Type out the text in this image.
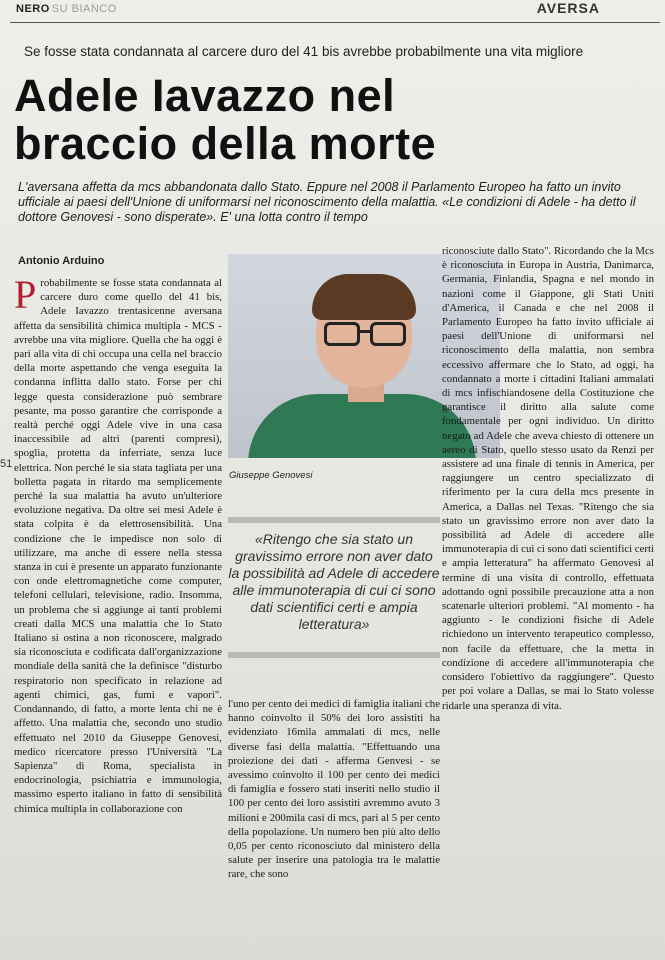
NERO SU BIANCO	AVERSA
Se fosse stata condannata al carcere duro del 41 bis avrebbe probabilmente una vita migliore
Adele Iavazzo nel
braccio della morte
L'aversana affetta da mcs abbandonata dallo Stato. Eppure nel 2008 il Parlamento Europeo ha fatto un invito ufficiale ai paesi dell'Unione di uniformarsi nel riconoscimento della malattia. «Le condizioni di Adele - ha detto il dottore Genovesi - sono disperate». E' una lotta contro il tempo
Antonio Arduino
Probabilmente se fosse stata condannata al carcere duro come quello del 41 bis, Adele Iavazzo trentasicenne aversana affetta da sensibilità chimica multipla - MCS - avrebbe una vita migliore. Quella che ha oggi è pari alla vita di chi occupa una cella nel braccio della morte aspettando che venga eseguita la condanna inflitta dallo stato. Forse per chi legge questa considerazione può sembrare pesante, ma posso garantire che corrisponde a realtà perché oggi Adele vive in una casa inaccessibile ad altri (parenti compresi), spoglia, protetta da inferriate, senza luce elettrica. Non perché le sia stata tagliata per una bolletta pagata in ritardo ma semplicemente perché la sua malattia ha avuto un'ulteriore evoluzione negativa. Da oltre sei mesi Adele è stata colpita è da elettrosensibilità. Una condizione che le impedisce non solo di utilizzare, ma anche di essere nella stessa stanza in cui è presente un apparato funzionante con onde elettromagnetiche come computer, telefoni cellulari, televisione, radio. Insomma, un problema che si aggiunge ai tanti problemi creati dalla MCS una malattia che lo Stato Italiano si ostina a non riconoscere, malgrado sia riconosciuta e codificata dall'organizzazione mondiale della sanità che la definisce "disturbo respiratorio non specificato in relazione ad agenti chimici, gas, fumi e vapori". Condannando, di fatto, a morte lenta chi ne è affetto. Una malattia che, secondo uno studio effettuato nel 2010 da Giuseppe Genovesi, medico ricercatore presso l'Università "La Sapienza" di Roma, specialista in endocrinologia, psichiatria e immunologia, massimo esperto italiano in fatto di sensibilità chimica multipla in collaborazione con
Giuseppe Genovesi
«Ritengo che sia stato un gravissimo errore non aver dato la possibilità ad Adele di accedere alle immunoterapia di cui ci sono dati scientifici certi e ampia letteratura»
l'uno per cento dei medici di famiglia italiani che hanno coinvolto il 50% dei loro assistiti ha evidenziato 16mila ammalati di mcs, nelle diverse fasi della malattia. "Effettuando una proiezione dei dati - afferma Genvesi - se avessimo coinvolto il 100 per cento dei medici di famiglia e fossero stati inseriti nello studio il 100 per cento dei loro assistiti avremmo avuto 3 milioni e 200mila casi di mcs, pari al 5 per cento della popolazione. Un numero ben più alto dello 0,05 per cento riconosciuto dal ministero della salute per inserire una patologia tra le malattie rare, che sono
riconosciute dallo Stato". Ricordando che la Mcs è riconosciuta in Europa in Austria, Danimarca, Germania, Finlandia, Spagna e nel mondo in nazioni come il Giappone, gli Stati Uniti d'America, il Canada e che nel 2008 il Parlamento Europeo ha fatto invito ufficiale ai paesi dell'Unione di uniformarsi nel riconoscimento della malattia, non sembra eccessivo affermare che lo Stato, ad oggi, ha condannato a morte i cittadini Italiani ammalati di mcs infischiandosene della Costituzione che garantisce il diritto alla salute come fondamentale per ogni individuo. Un diritto negato ad Adele che aveva chiesto di ottenere un aereo di Stato, quello stesso usato da Renzi per assistere ad una finale di tennis in America, per raggiungere un centro specializzato di riferimento per la cura della mcs presente in America, a Dallas nel Texas. "Ritengo che sia stato un gravissimo errore non aver dato la possibilità ad Adele di accedere alle immunoterapia di cui ci sono dati scientifici certi e ampia letteratura" ha affermato Genovesi al termine di una visita di controllo, effettuata adottando ogni possibile precauzione atta a non scatenarle ulteriori problemi. "Al momento - ha aggiunto - le condizioni fisiche di Adele richiedono un intervento terapeutico complesso, non facile da effettuare, che la metta in condizione di accedere all'immunoterapia che considero l'obiettivo da raggiungere". Questo per poi volare a Dallas, se mai lo Stato volesse ridarle una speranza di vita.
51
